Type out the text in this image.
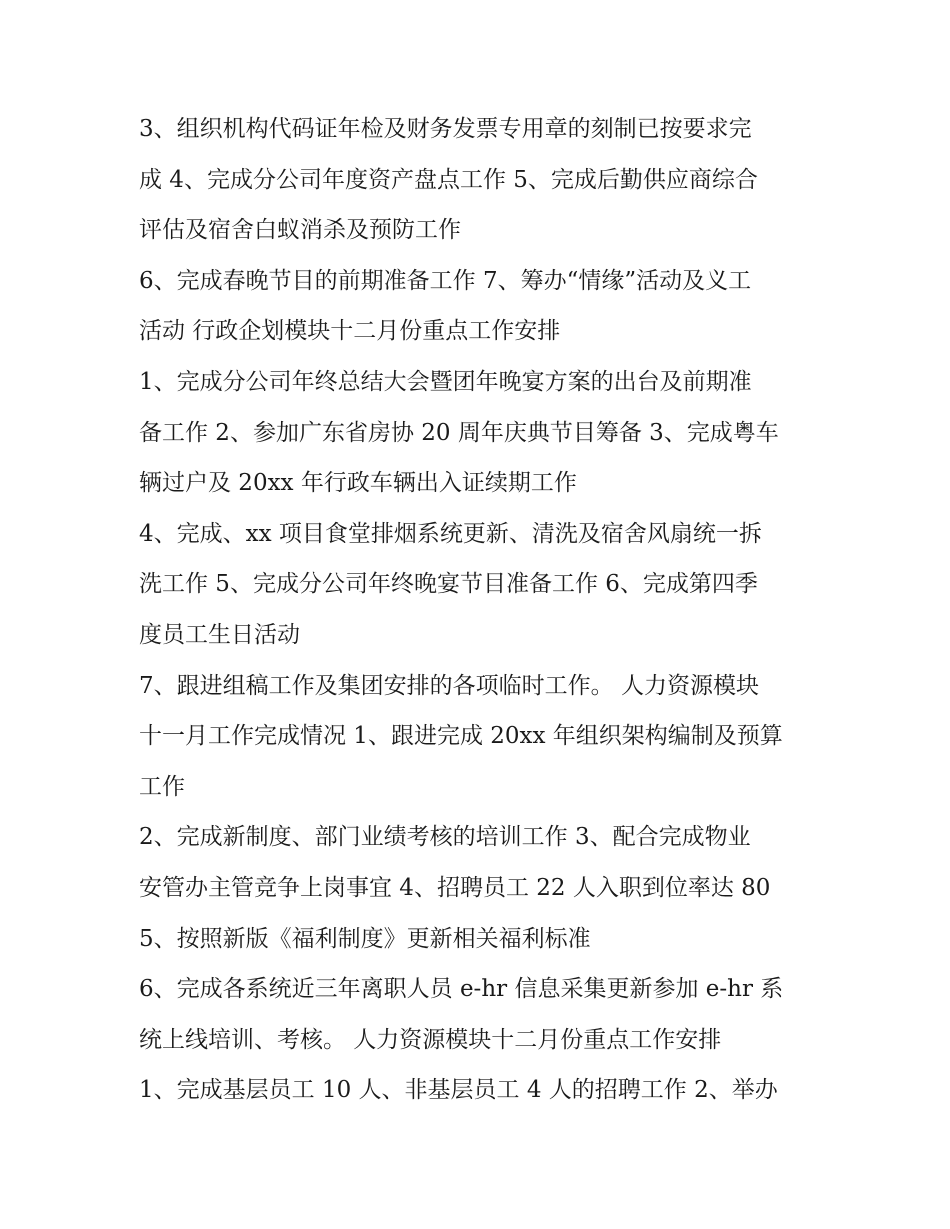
3、组织机构代码证年检及财务发票专用章的刻制已按要求完
成 4、完成分公司年度资产盘点工作 5、完成后勤供应商综合
评估及宿舍白蚁消杀及预防工作
6、完成春晚节目的前期准备工作 7、筹办“情缘”活动及义工
活动 行政企划模块十二月份重点工作安排
1、完成分公司年终总结大会暨团年晚宴方案的出台及前期准
备工作 2、参加广东省房协 20 周年庆典节目筹备 3、完成粤车
辆过户及 20xx 年行政车辆出入证续期工作
4、完成、xx 项目食堂排烟系统更新、清洗及宿舍风扇统一拆
洗工作 5、完成分公司年终晚宴节目准备工作 6、完成第四季
度员工生日活动
7、跟进组稿工作及集团安排的各项临时工作。 人力资源模块
十一月工作完成情况 1、跟进完成 20xx 年组织架构编制及预算
工作
2、完成新制度、部门业绩考核的培训工作 3、配合完成物业
安管办主管竞争上岗事宜 4、招聘员工 22 人入职到位率达 80
5、按照新版《福利制度》更新相关福利标准
6、完成各系统近三年离职人员 e-hr 信息采集更新参加 e-hr 系
统上线培训、考核。 人力资源模块十二月份重点工作安排
1、完成基层员工 10 人、非基层员工 4 人的招聘工作 2、举办
